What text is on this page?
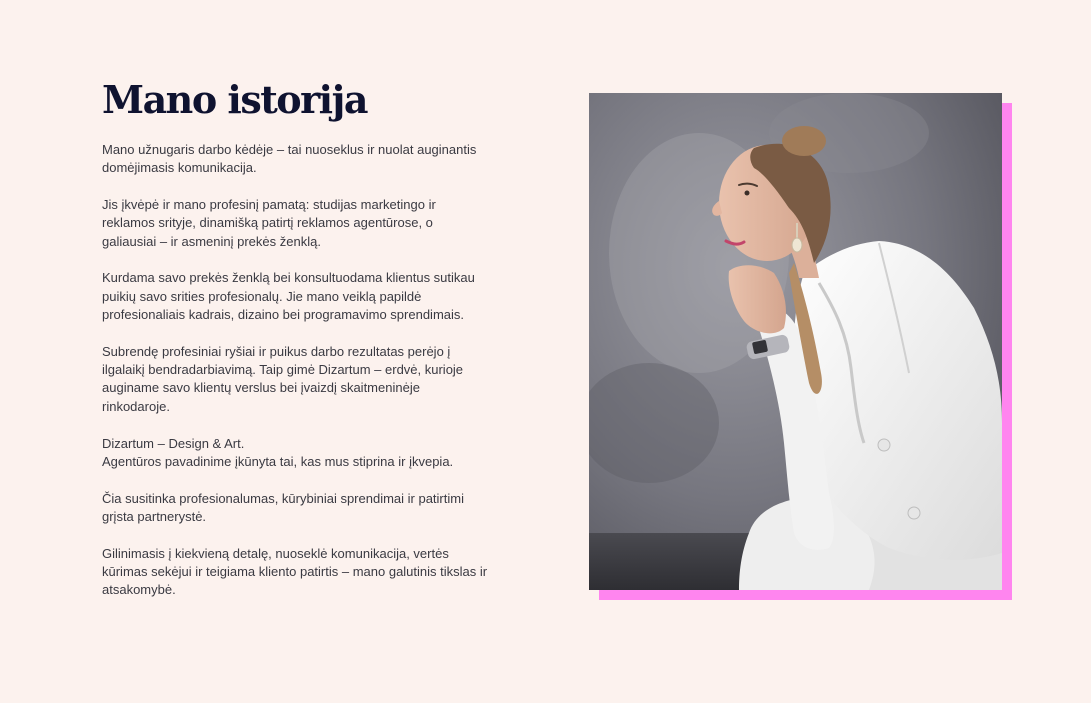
Mano istorija

Mano užnugaris darbo kėdėje – tai nuoseklus ir nuolat auginantis
domėjimasis komunikacija.

Jis įkvėpė ir mano profesinį pamatą: studijas marketingo ir
reklamos srityje, dinamišką patirtį reklamos agentūrose, o
galiausiai – ir asmeninį prekės ženklą.

Kurdama savo prekės ženklą bei konsultuodama klientus sutikau
puikių savo srities profesionalų. Jie mano veiklą papildė
profesionaliais kadrais, dizaino bei programavimo sprendimais.

Subrendę profesiniai ryšiai ir puikus darbo rezultatas perėjo į
ilgalaikį bendradarbiavimą. Taip gimė Dizartum – erdvė, kurioje
auginame savo klientų verslus bei įvaizdį skaitmeninėje
rinkodaroje.

Dizartum – Design & Art.
Agentūros pavadinime įkūnyta tai, kas mus stiprina ir įkvepia.

Čia susitinka profesionalumas, kūrybiniai sprendimai ir patirtimi
grįsta partnerystė.

Gilinimasis į kiekvieną detalę, nuoseklė komunikacija, vertės
kūrimas sekėjui ir teigiama kliento patirtis – mano galutinis tikslas ir
atsakomybė.
